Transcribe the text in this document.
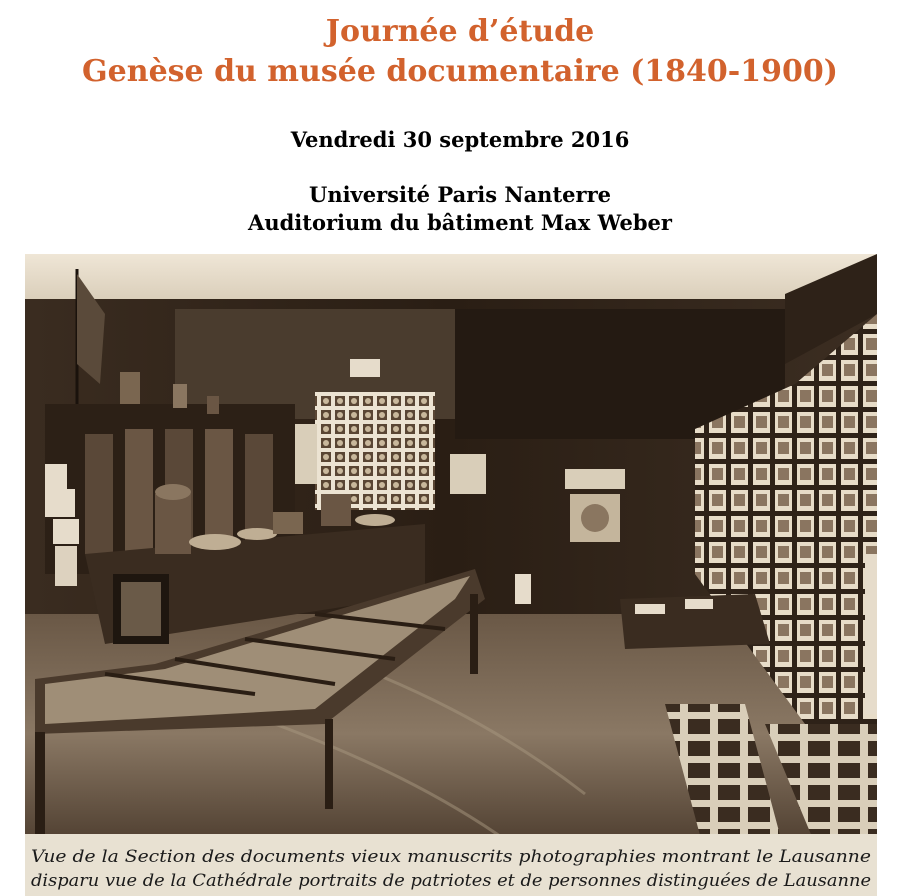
Journée d’étude
Genèse du musée documentaire (1840-1900)
Vendredi 30 septembre 2016
Université Paris Nanterre
Auditorium du bâtiment Max Weber
Vue de la Section des documents vieux manuscrits photographies montrant le Lausanne
disparu vue de la Cathédrale portraits de patriotes et de personnes distinguées de Lausanne
